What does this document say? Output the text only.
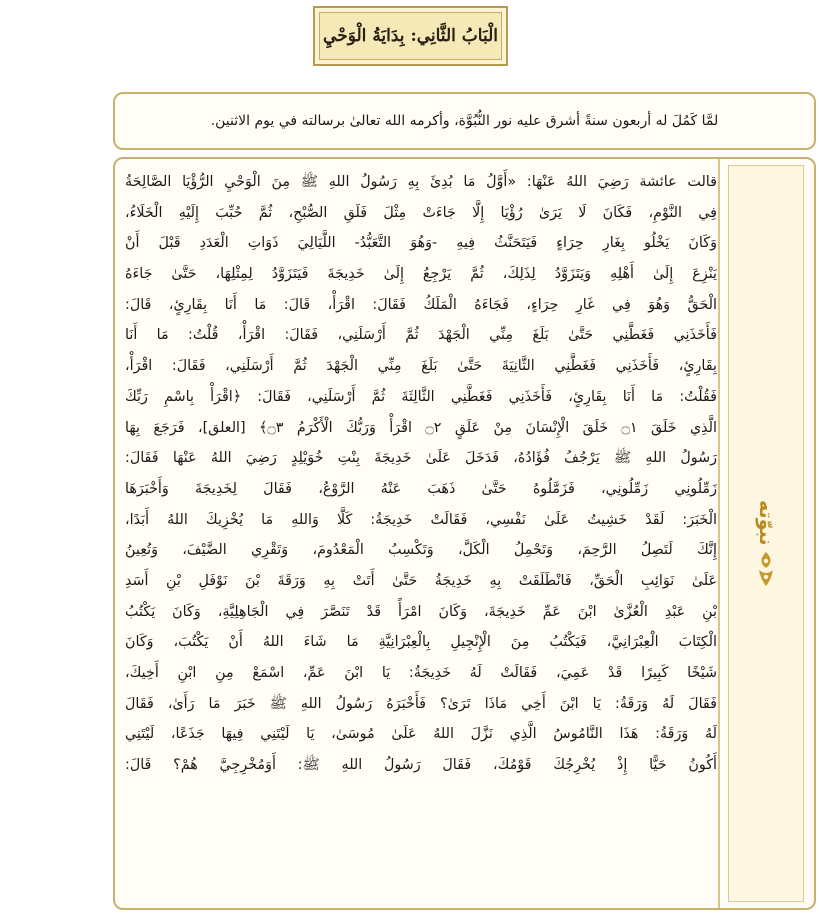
الْبَابُ الثَّانِي: بِدَايَةُ الْوَحْيِ
لمَّا كَمُلَ له أربعون سنةً أشرق عليه نور النُّبُوَّة، وأكرمه الله تعالىٰ برسالته في يوم الاثنين.
قالت عائشة رَضِيَ اللهُ عَنْهَا: «أَوَّلُ مَا بُدِئَ بِهِ رَسُولُ اللهِ ﷺ مِنَ الْوَحْيِ الرُّؤْيَا الصَّالِحَةُ
فِي النَّوْمِ، فَكَانَ لَا يَرَىٰ رُؤْيَا إِلَّا جَاءَتْ مِثْلَ فَلَقِ الصُّبْحِ، ثُمَّ حُبِّبَ إِلَيْهِ الْخَلَاءُ،
وَكَانَ يَخْلُو بِغَارِ حِرَاءٍ فَيَتَحَنَّثُ فِيهِ -وَهُوَ التَّعَبُّدُ- اللَّيَالِيَ ذَوَاتِ الْعَدَدِ قَبْلَ أَنْ
يَنْزِعَ إِلَىٰ أَهْلِهِ وَيَتَزَوَّدُ لِذَلِكَ، ثُمَّ يَرْجِعُ إِلَىٰ خَدِيجَةَ فَيَتَزَوَّدُ لِمِثْلِهَا، حَتَّىٰ جَاءَهُ
الْحَقُّ وَهُوَ فِي غَارِ حِرَاءٍ، فَجَاءَهُ الْمَلَكُ فَقَالَ: اقْرَأْ، قَالَ: مَا أَنَا بِقَارِئٍ، قَالَ:
فَأَخَذَنِي فَغَطَّنِي حَتَّىٰ بَلَغَ مِنِّي الْجَهْدَ ثُمَّ أَرْسَلَنِي، فَقَالَ: اقْرَأْ، قُلْتُ: مَا أَنَا
بِقَارِئٍ، فَأَخَذَنِي فَغَطَّنِي الثَّانِيَةَ حَتَّىٰ بَلَغَ مِنِّي الْجَهْدَ ثُمَّ أَرْسَلَنِي، فَقَالَ: اقْرَأْ،
فَقُلْتُ: مَا أَنَا بِقَارِئٍ، فَأَخَذَنِي فَغَطَّنِي الثَّالِثَةَ ثُمَّ أَرْسَلَنِي، فَقَالَ: ﴿اقْرَأْ بِاسْمِ رَبِّكَ
الَّذِي خَلَقَ ۝١ خَلَقَ الْإِنْسَانَ مِنْ عَلَقٍ ۝٢ اقْرَأْ وَرَبُّكَ الْأَكْرَمُ ۝٣﴾ [العلق]، فَرَجَعَ بِهَا
رَسُولُ اللهِ ﷺ يَرْجُفُ فُؤَادُهُ، فَدَخَلَ عَلَىٰ خَدِيجَةَ بِنْتِ خُوَيْلِدٍ رَضِيَ اللهُ عَنْهَا فَقَالَ:
زَمِّلُونِي زَمِّلُونِي، فَزَمَّلُوهُ حَتَّىٰ ذَهَبَ عَنْهُ الرَّوْعُ، فَقَالَ لِخَدِيجَةَ وَأَخْبَرَهَا
الْخَبَرَ: لَقَدْ خَشِيتُ عَلَىٰ نَفْسِي، فَقَالَتْ خَدِيجَةُ: كَلَّا وَاللهِ مَا يُخْزِيكَ اللهُ أَبَدًا،
إِنَّكَ لَتَصِلُ الرَّحِمَ، وَتَحْمِلُ الْكَلَّ، وَتَكْسِبُ الْمَعْدُومَ، وَتَقْرِي الضَّيْفَ، وَتُعِينُ
عَلَىٰ نَوَائِبِ الْحَقِّ، فَانْطَلَقَتْ بِهِ خَدِيجَةُ حَتَّىٰ أَتَتْ بِهِ وَرَقَةَ بْنَ نَوْفَلِ بْنِ أَسَدِ
بْنِ عَبْدِ الْعُزَّىٰ ابْنَ عَمِّ خَدِيجَةَ، وَكَانَ امْرَأً قَدْ تَنَصَّرَ فِي الْجَاهِلِيَّةِ، وَكَانَ يَكْتُبُ
الْكِتَابَ الْعِبْرَانِيَّ، فَيَكْتُبُ مِنَ الْإِنْجِيلِ بِالْعِبْرَانِيَّةِ مَا شَاءَ اللهُ أَنْ يَكْتُبَ، وَكَانَ
شَيْخًا كَبِيرًا قَدْ عَمِيَ، فَقَالَتْ لَهُ خَدِيجَةُ: يَا ابْنَ عَمِّ، اسْمَعْ مِنِ ابْنِ أَخِيكَ،
فَقَالَ لَهُ وَرَقَةُ: يَا ابْنَ أَخِي مَاذَا تَرَىٰ؟ فَأَخْبَرَهُ رَسُولُ اللهِ ﷺ خَبَرَ مَا رَأَىٰ، فَقَالَ
لَهُ وَرَقَةُ: هَذَا النَّامُوسُ الَّذِي نَزَّلَ اللهُ عَلَىٰ مُوسَىٰ، يَا لَيْتَنِي فِيهَا جَذَعًا، لَيْتَنِي
أَكُونُ حَيًّا إِذْ يُخْرِجُكَ قَوْمُكَ، فَقَالَ رَسُولُ اللهِ ﷺ: أَوَمُخْرِجِيَّ هُمْ؟ قَالَ:
نبوّته
